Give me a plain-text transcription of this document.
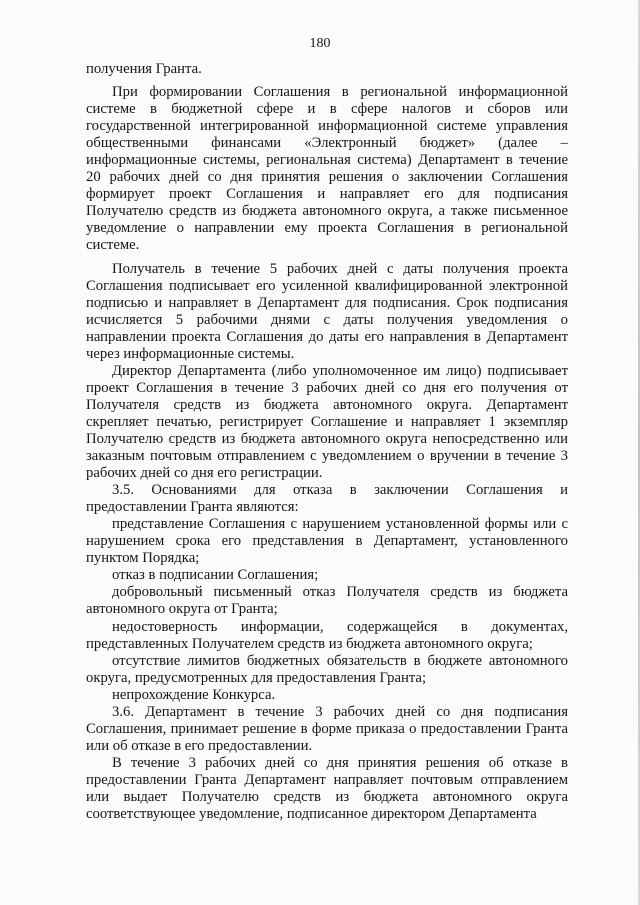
180

получения Гранта.

При формировании Соглашения в региональной информационной системе в бюджетной сфере и в сфере налогов и сборов или государственной интегрированной информационной системе управления общественными финансами «Электронный бюджет» (далее – информационные системы, региональная система) Департамент в течение 20 рабочих дней со дня принятия решения о заключении Соглашения формирует проект Соглашения и направляет его для подписания Получателю средств из бюджета автономного округа, а также письменное уведомление о направлении ему проекта Соглашения в региональной системе.

Получатель в течение 5 рабочих дней с даты получения проекта Соглашения подписывает его усиленной квалифицированной электронной подписью и направляет в Департамент для подписания. Срок подписания исчисляется 5 рабочими днями с даты получения уведомления о направлении проекта Соглашения до даты его направления в Департамент через информационные системы.

Директор Департамента (либо уполномоченное им лицо) подписывает проект Соглашения в течение 3 рабочих дней со дня его получения от Получателя средств из бюджета автономного округа. Департамент скрепляет печатью, регистрирует Соглашение и направляет 1 экземпляр Получателю средств из бюджета автономного округа непосредственно или заказным почтовым отправлением с уведомлением о вручении в течение 3 рабочих дней со дня его регистрации.

3.5. Основаниями для отказа в заключении Соглашения и предоставлении Гранта являются:

представление Соглашения с нарушением установленной формы или с нарушением срока его представления в Департамент, установленного пунктом Порядка;

отказ в подписании Соглашения;

добровольный письменный отказ Получателя средств из бюджета автономного округа от Гранта;

недостоверность информации, содержащейся в документах, представленных Получателем средств из бюджета автономного округа;

отсутствие лимитов бюджетных обязательств в бюджете автономного округа, предусмотренных для предоставления Гранта;

непрохождение Конкурса.

3.6. Департамент в течение 3 рабочих дней со дня подписания Соглашения, принимает решение в форме приказа о предоставлении Гранта или об отказе в его предоставлении.

В течение 3 рабочих дней со дня принятия решения об отказе в предоставлении Гранта Департамент направляет почтовым отправлением или выдает Получателю средств из бюджета автономного округа соответствующее уведомление, подписанное директором Департамента
